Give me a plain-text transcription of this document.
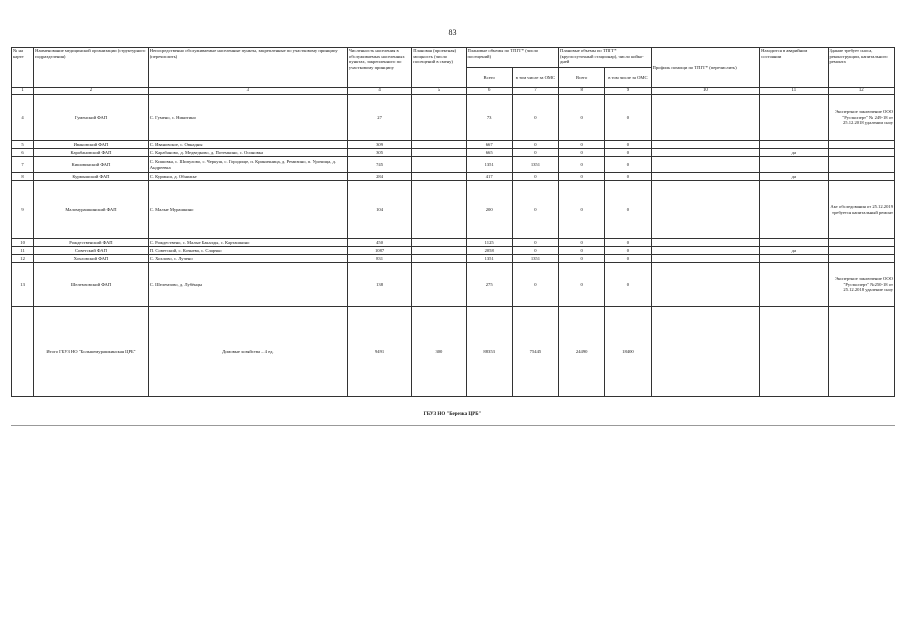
83
№ на карте	Наименование медицинской организации (структурного подразделения)	Непосредственно обслуживаемые населенные пункты, закрепленные по участковому принципу (перечислить)	Численность населения в обслуживаемых населенных пунктах, закрепленного по участковому принципу	Плановая (проектная) мощность (число посещений в смену)	Плановые объемы по ТПГГ* (число посещений)		Плановые объемы по ТПГГ* (круглосуточный стационар), число койко-дней		Профиль помощи по ТПГГ* (перечислить)	Находится в аварийном состоянии	Здание требует сноса, реконструкции, капитального ремонта
					Всего	в том числе за ОМС	Всего	в том числе за ОМС			
1	2	3	4	5	6	7	8	9	10	11	12
4	Гуменский ФАП	С. Гумено, с. Никитино	27		73	0	0	0			Экспертное заключение ООО "Русэксперт" № 249-18 от 25.12.2018 удалении сноу
5	Ивановский ФАП	С. Ивановское, с. Овнадны	309		667	0	0	0			
6	Карабановский ФАП	С. Карабаново, д. Медведково, д. Потемкино, с. Осиновка	305		665	0	0	0		да	
7	Кишовинский ФАП	С. Кишовка, с. Шипулово, с. Черкуш, с. Городище, п. Криничница, д. Ремизино, п. Урочища, д. Андреевка	745		1351	1351	0	0			
8	Курмышский ФАП	С. Курмыш, д. Обнижье	284		417	0	0	0		да	
9	Маломурашкинский ФАП	С. Малые Мурашкино	104		200	0	0	0			Акт обследования от 25.12.2019 требуется капитальный ремонт
10	Рождественский ФАП	С. Рождествено, с. Малые Бакалды, с. Карташкино	450		1125	0	0	0			
11	Советский ФАП	П. Советский, с. Кочнева, с. Сларчко	1087		2058	0	0	0		да	
12	Хохловский ФАП	С. Хохлово, с. Лучено	831		1351	1351	0	0			
13	Шелемзовский ФАП	С. Шелемзово, д. Лубёнцы	138		275	0	0	0			Экспертное заключение ООО "Русэксперт" №250-18 от 25.12.2018 удаление сноу
	Итого ГБУЗ НО "Большемурашкинская ЦРБ"	Домовые хозяйства – 4 ед.	9491	300	88353	75445	24490	18400			
ГБУЗ НО "Березка ЦРБ"
